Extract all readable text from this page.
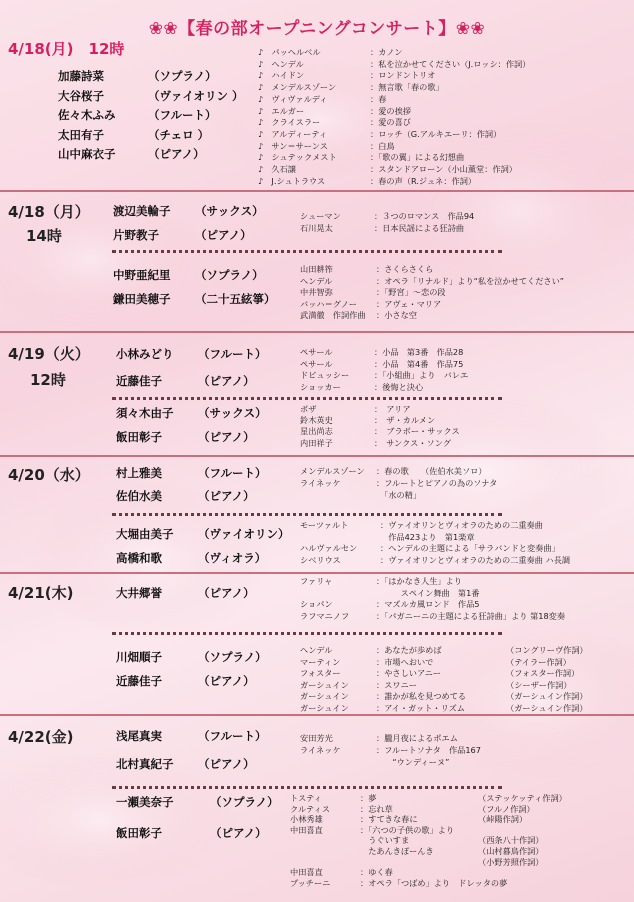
❀❀【春の部オープニングコンサート】❀❀
4/18(月)　12時
加藤詩菜	（ソプラノ）
大谷桜子	（ヴァイオリン ）
佐々木ふみ	（フルート）
太田有子	（チェロ ）
山中麻衣子	（ピアノ）
♪　パッヘルベル	：カノン
♪　ヘンデル	：私を泣かせてください（J.ロッシ：作詞）
♪　ハイドン	：ロンドントリオ
♪　メンデルスゾーン	：無言歌「春の歌」
♪　ヴィヴァルディ	：春
♪　エルガー	：愛の挨拶
♪　クライスラー	：愛の喜び
♪　アルディーティ	：ロッチ（G.アルキエーリ：作詞）
♪　サン＝サーンス	：白鳥
♪　シュテックメスト	：「歌の翼」による幻想曲
♪　久石譲	：スタンドアローン（小山薰堂：作詞）
♪　J.シュトラウス	：春の声（R.ジュネ：作詞）
4/18（月）
14時
渡辺美輪子 （サックス）
片野教子	（ピアノ）
シューマン	：３つのロマンス　作品94
石川晃太	：日本民謡による狂詩曲
中野亜紀里 （ソプラノ）
鎌田美穂子 （二十五絃箏）
山田耕筰	：さくらさくら
ヘンデル	：オペラ「リナルド」より“私を泣かせてください”
中井智弥	：「野宮」〜恋の段
バッハ＝グノー ：アヴェ・マリア
武満徹　作詞作曲 ：小さな空
4/19（火）
12時
小林みどり （フルート）
近藤佳子	（ピアノ）
ペサール	：小品　第3番　作品28
ペサール	：小品　第4番　作品75
ドビュッシー	：「小組曲」より　バレエ
ショッカー	：後悔と決心
須々木由子 （サックス）
飯田彰子	（ピアノ）
ボザ	：　アリア
鈴木英史	：　ザ・カルメン
星出尚志	：　ブラボー・サックス
内田祥子	：　サンクス・ソング
4/20（水） 村上雅美	（フルート）
佐伯水美	（ピアノ）
メンデルスゾーン ：春の歌　　（佐伯水美ソロ）
ライネッケ	：フルートとピアノの為のソナタ
　「水の精」
大堀由美子 （ヴァイオリン）
高橋和歌	（ヴィオラ）
モーツァルト	：ヴァイオリンとヴィオラのための二重奏曲
　作品423より　第1楽章
ハルヴァルセン	：ヘンデルの主題による「サラバンドと変奏曲」
シベリウス	：ヴァイオリンとヴィオラのための二重奏曲 ハ長調
4/21(木)	大井郷誉	（ピアノ）
ファリャ	：「はかなき人生」より
　　　スペイン舞曲　第1番
ショパン	：マズルカ風ロンド　作品5
ラフマニノフ	：「パガニーニの主題による狂詩曲」より 第18変奏
川畑順子	（ソプラノ）
近藤佳子	（ピアノ）
ヘンデル	：あなたが歩めば	（コングリーヴ作詞）
マーティン	：市場へおいで	（テイラー作詞）
フォスター	：やさしいアニー	（フォスター作詞）
ガーシュイン	：スワニー	（シーザー作詞）
ガーシュイン	：誰かが私を見つめてる	（ガーシュイン作詞）
ガーシュイン	：アイ・ガット・リズム	（ガーシュイン作詞）
4/22(金)	浅尾真実	（フルート）
北村真紀子 （ピアノ）
安田芳光	：朧月夜によるポエム
ライネッケ	：フルートソナタ　作品167
　　“ウンディーヌ”
一瀬美奈子	（ソプラノ）
飯田彰子	（ピアノ）
トスティ	：夢	（ステッケッティ作詞）
クルティス	：忘れ草	（フルノ作詞）
小林秀雄	：すてきな春に	（峠陽作詞）
中田喜直	：「六つの子供の歌」より
　うぐいすま	（西条八十作詞）
　たあんきぽーんき	（山村暮鳥作詞）
（小野芳照作詞）
中田喜直	：ゆく春
プッチーニ	：オペラ「つばめ」より　ドレッタの夢
